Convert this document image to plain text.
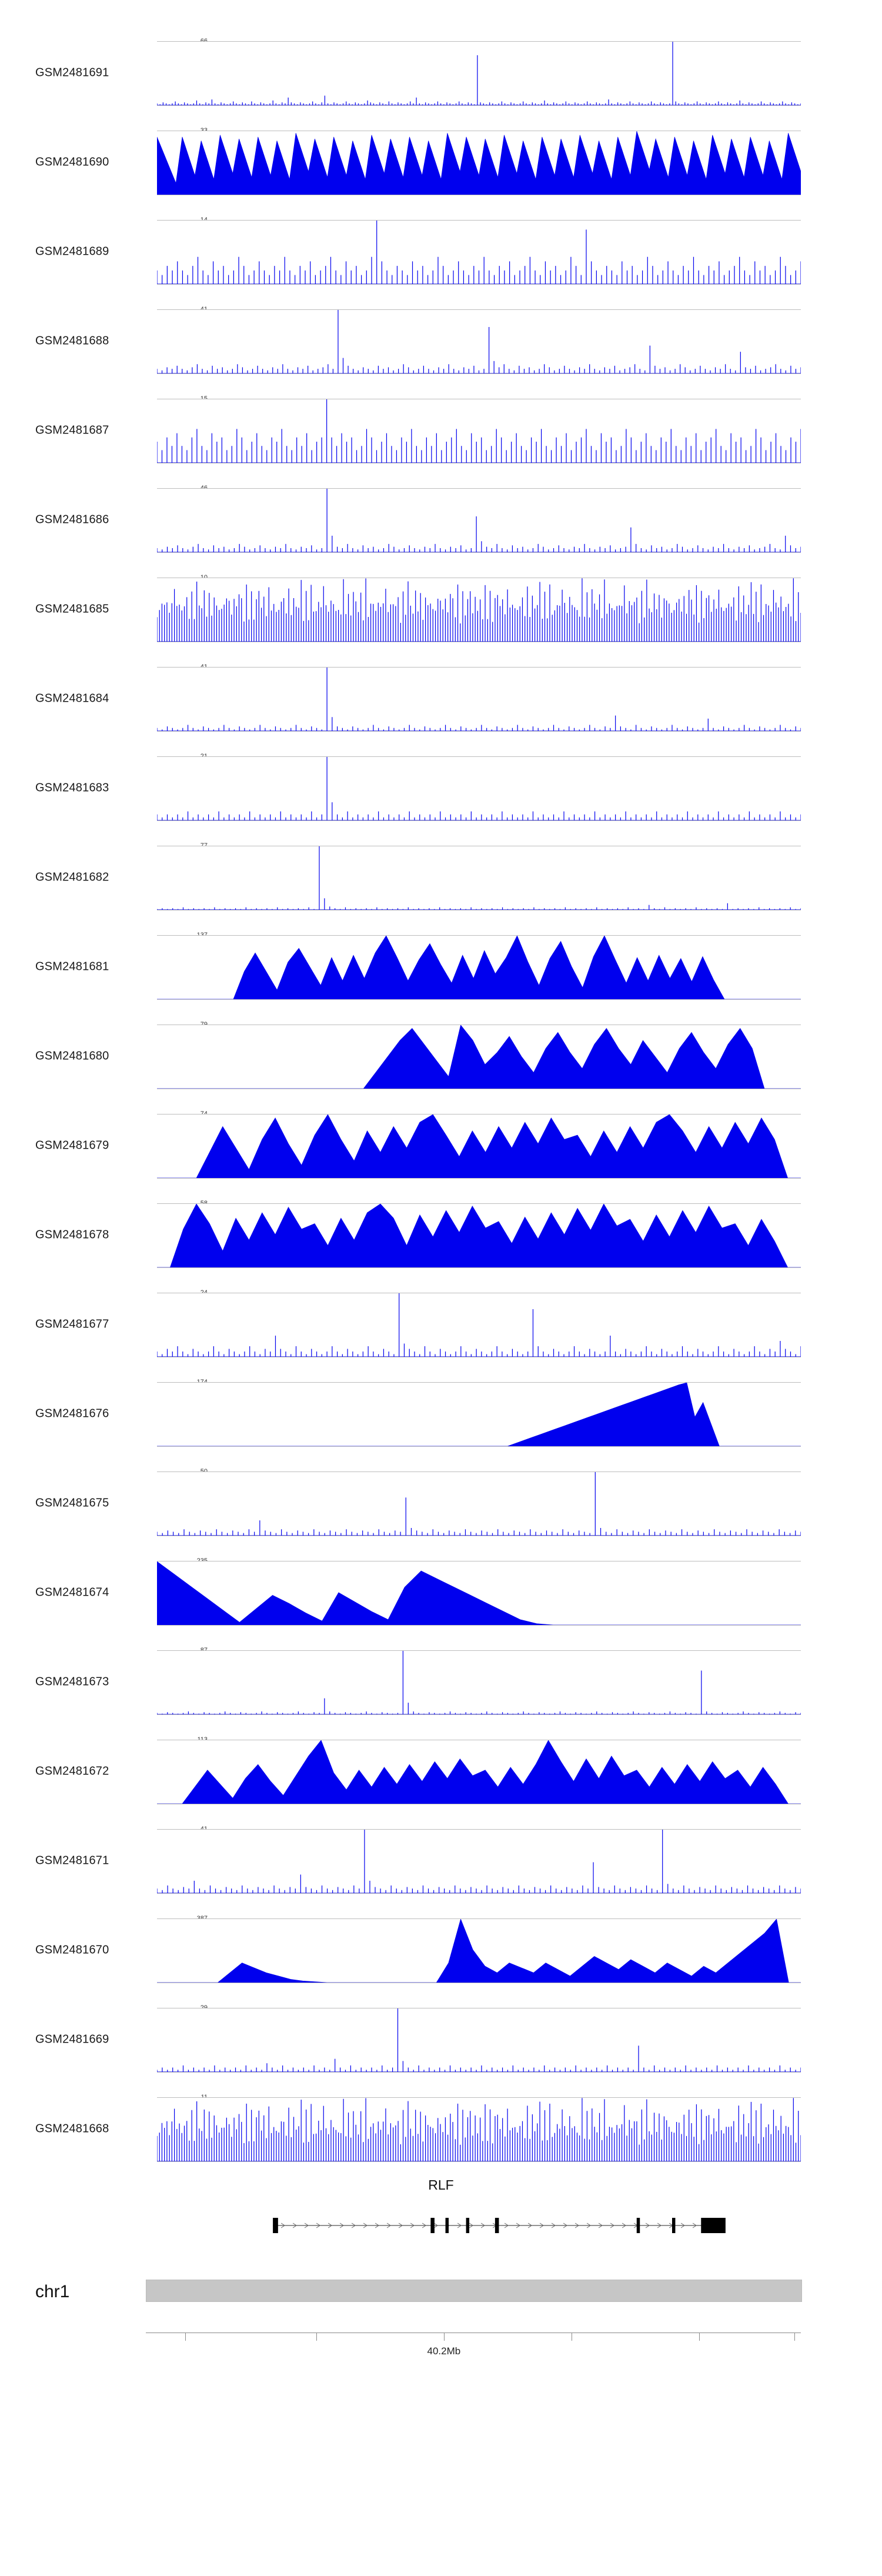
GSM2481691
GSM2481690
GSM2481689
GSM2481688
GSM2481687
GSM2481686
GSM2481685
GSM2481684
GSM2481683
GSM2481682
GSM2481681
GSM2481680
GSM2481679
GSM2481678
GSM2481677
GSM2481676
GSM2481675
GSM2481674
GSM2481673
GSM2481672
GSM2481671
GSM2481670
GSM2481669
GSM2481668
RLF
chr1
40.2Mb
